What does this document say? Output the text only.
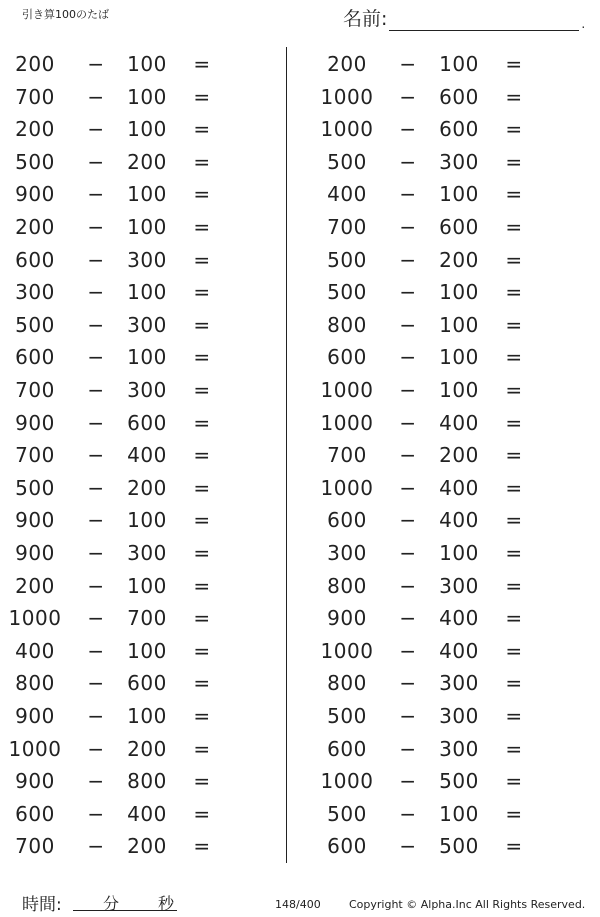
引き算100のたば	名前:	.
200	−	100	=
700	−	100	=
200	−	100	=
500	−	200	=
900	−	100	=
200	−	100	=
600	−	300	=
300	−	100	=
500	−	300	=
600	−	100	=
700	−	300	=
900	−	600	=
700	−	400	=
500	−	200	=
900	−	100	=
900	−	300	=
200	−	100	=
1000 −	700	=
400	−	100	=
800	−	600	=
900	−	100	=
1000 −	200	=
900	−	800	=
600	−	400	=
700	−	200	=
200	−	100	=
1000 −	600	=
1000 −	600	=
500	−	300	=
400	−	100	=
700	−	600	=
500	−	200	=
500	−	100	=
800	−	100	=
600	−	100	=
1000 −	100	=
1000 −	400	=
700	−	200	=
1000 −	400	=
600	−	400	=
300	−	100	=
800	−	300	=
900	−	400	=
1000 −	400	=
800	−	300	=
500	−	300	=
600	−	300	=
1000 −	500	=
500	−	100	=
600	−	500	=
時間:	分 秒	148/400	Copyright © Alpha.Inc All Rights Reserved.
